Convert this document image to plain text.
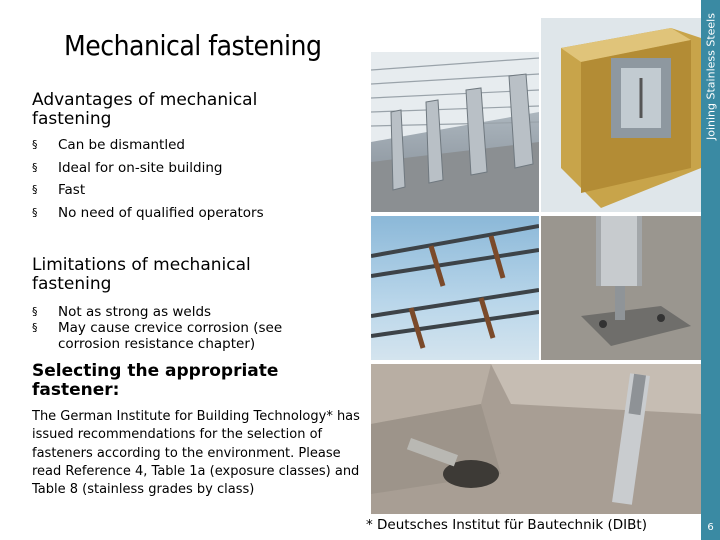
Mechanical fastening
Advantages of mechanical fastening
§ Can be dismantled
§ Ideal for on-site building
§ Fast
§ No need of qualified operators
Limitations of mechanical fastening
§ Not as strong as welds
§ May cause crevice corrosion (see corrosion resistance chapter)
Selecting the appropriate fastener:
The German Institute for Building Technology* has issued recommendations for the selection of fasteners according to the environment. Please read Reference 4, Table 1a (exposure classes) and Table 8 (stainless grades by class)
* Deutsches Institut für Bautechnik (DIBt)
Joining Stainless Steels
6
